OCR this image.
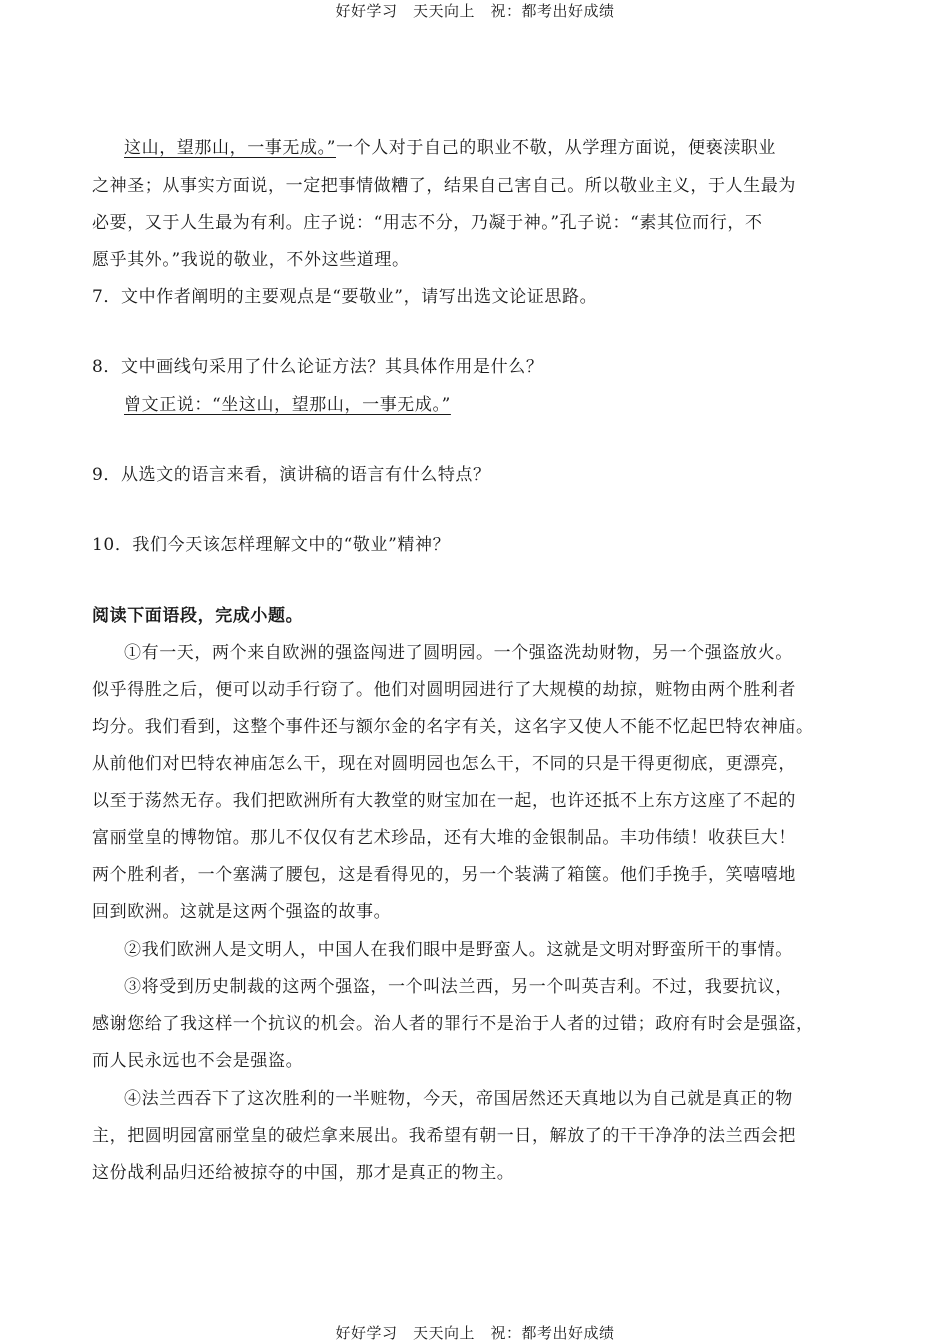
好好学习　天天向上　祝：都考出好成绩
这山，望那山，一事无成。”一个人对于自己的职业不敬，从学理方面说，便亵渎职业
之神圣；从事实方面说，一定把事情做糟了，结果自己害自己。所以敬业主义，于人生最为
必要，又于人生最为有利。庄子说：“用志不分，乃凝于神。”孔子说：“素其位而行，不
愿乎其外。”我说的敬业，不外这些道理。
7．文中作者阐明的主要观点是“要敬业”，请写出选文论证思路。
8．文中画线句采用了什么论证方法？其具体作用是什么？
曾文正说：“坐这山，望那山，一事无成。”
9．从选文的语言来看，演讲稿的语言有什么特点？
10．我们今天该怎样理解文中的“敬业”精神？
阅读下面语段，完成小题。
①有一天，两个来自欧洲的强盗闯进了圆明园。一个强盗洗劫财物，另一个强盗放火。
似乎得胜之后，便可以动手行窃了。他们对圆明园进行了大规模的劫掠，赃物由两个胜利者
均分。我们看到，这整个事件还与额尔金的名字有关，这名字又使人不能不忆起巴特农神庙。
从前他们对巴特农神庙怎么干，现在对圆明园也怎么干，不同的只是干得更彻底，更漂亮，
以至于荡然无存。我们把欧洲所有大教堂的财宝加在一起，也许还抵不上东方这座了不起的
富丽堂皇的博物馆。那儿不仅仅有艺术珍品，还有大堆的金银制品。丰功伟绩！收获巨大！
两个胜利者，一个塞满了腰包，这是看得见的，另一个装满了箱箧。他们手挽手，笑嘻嘻地
回到欧洲。这就是这两个强盗的故事。
②我们欧洲人是文明人，中国人在我们眼中是野蛮人。这就是文明对野蛮所干的事情。
③将受到历史制裁的这两个强盗，一个叫法兰西，另一个叫英吉利。不过，我要抗议，
感谢您给了我这样一个抗议的机会。治人者的罪行不是治于人者的过错；政府有时会是强盗，
而人民永远也不会是强盗。
④法兰西吞下了这次胜利的一半赃物，今天，帝国居然还天真地以为自己就是真正的物
主，把圆明园富丽堂皇的破烂拿来展出。我希望有朝一日，解放了的干干净净的法兰西会把
这份战利品归还给被掠夺的中国，那才是真正的物主。
好好学习　天天向上　祝：都考出好成绩
